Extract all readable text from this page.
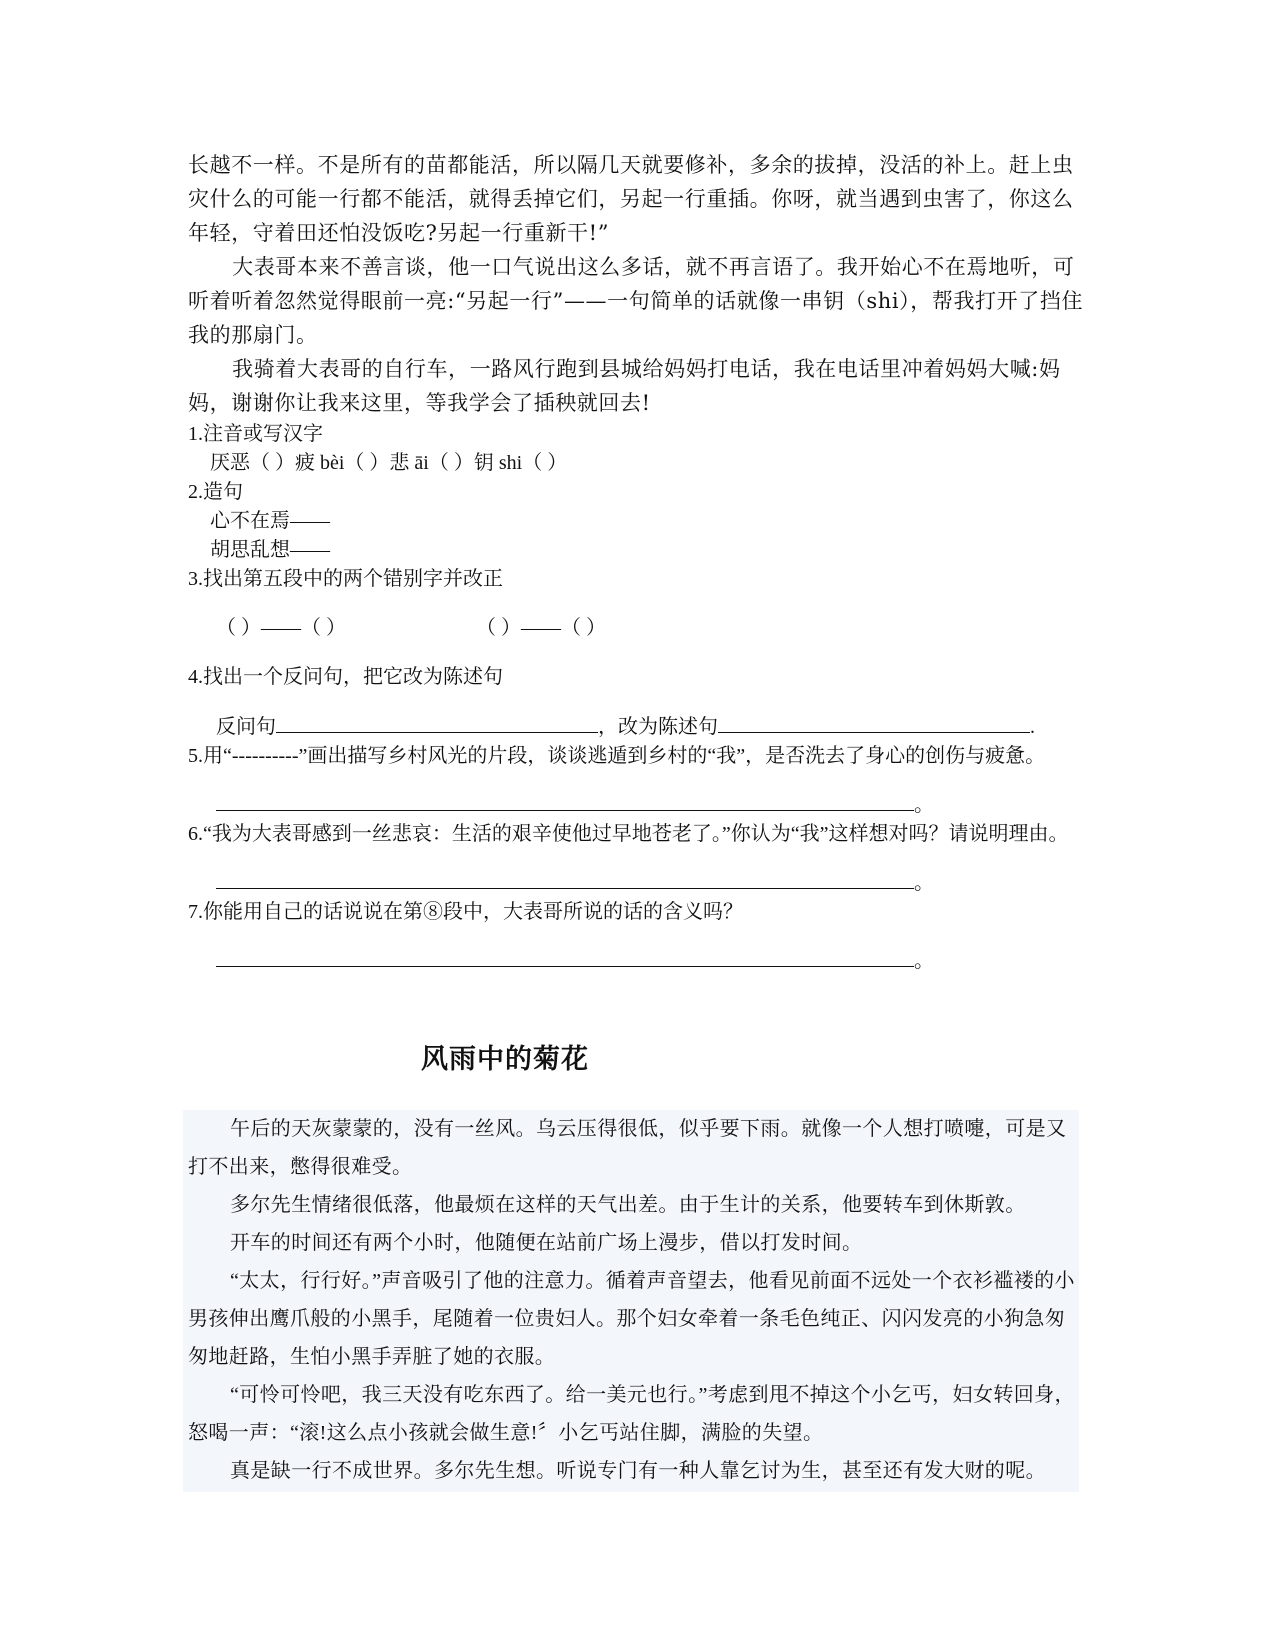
长越不一样。不是所有的苗都能活，所以隔几天就要修补，多余的拔掉，没活的补上。赶上虫灾什么的可能一行都不能活，就得丢掉它们，另起一行重插。你呀，就当遇到虫害了，你这么年轻，守着田还怕没饭吃?另起一行重新干!”

大表哥本来不善言谈，他一口气说出这么多话，就不再言语了。我开始心不在焉地听，可听着听着忽然觉得眼前一亮:“另起一行”——一句简单的话就像一串钥（shi），帮我打开了挡住我的那扇门。

我骑着大表哥的自行车，一路风行跑到县城给妈妈打电话，我在电话里冲着妈妈大喊:妈妈，谢谢你让我来这里，等我学会了插秧就回去!

1.注音或写汉字

厌恶（ ）疲 bèi（ ）悲 āi（ ）钥 shi（ ）

2.造句

心不在焉——

胡思乱想——

3.找出第五段中的两个错别字并改正

（ ）——（ ）	（ ）——（ ）

4.找出一个反问句，把它改为陈述句

反问句	，改为陈述句	.

5.用“----------”画出描写乡村风光的片段，谈谈逃遁到乡村的“我”，是否洗去了身心的创伤与疲惫。

。

6.“我为大表哥感到一丝悲哀：生活的艰辛使他过早地苍老了。”你认为“我”这样想对吗？请说明理由。

。

7.你能用自己的话说说在第⑧段中，大表哥所说的话的含义吗？

。
风雨中的菊花

午后的天灰蒙蒙的，没有一丝风。乌云压得很低，似乎要下雨。就像一个人想打喷嚏，可是又打不出来，憋得很难受。

多尔先生情绪很低落，他最烦在这样的天气出差。由于生计的关系，他要转车到休斯敦。

开车的时间还有两个小时，他随便在站前广场上漫步，借以打发时间。

“太太，行行好。”声音吸引了他的注意力。循着声音望去，他看见前面不远处一个衣衫褴褛的小男孩伸出鹰爪般的小黑手，尾随着一位贵妇人。那个妇女牵着一条毛色纯正、闪闪发亮的小狗急匆匆地赶路，生怕小黑手弄脏了她的衣服。

“可怜可怜吧，我三天没有吃东西了。给一美元也行。”考虑到甩不掉这个小乞丐，妇女转回身，怒喝一声：“滚!这么点小孩就会做生意!〞小乞丐站住脚，满脸的失望。

真是缺一行不成世界。多尔先生想。听说专门有一种人靠乞讨为生，甚至还有发大财的呢。
